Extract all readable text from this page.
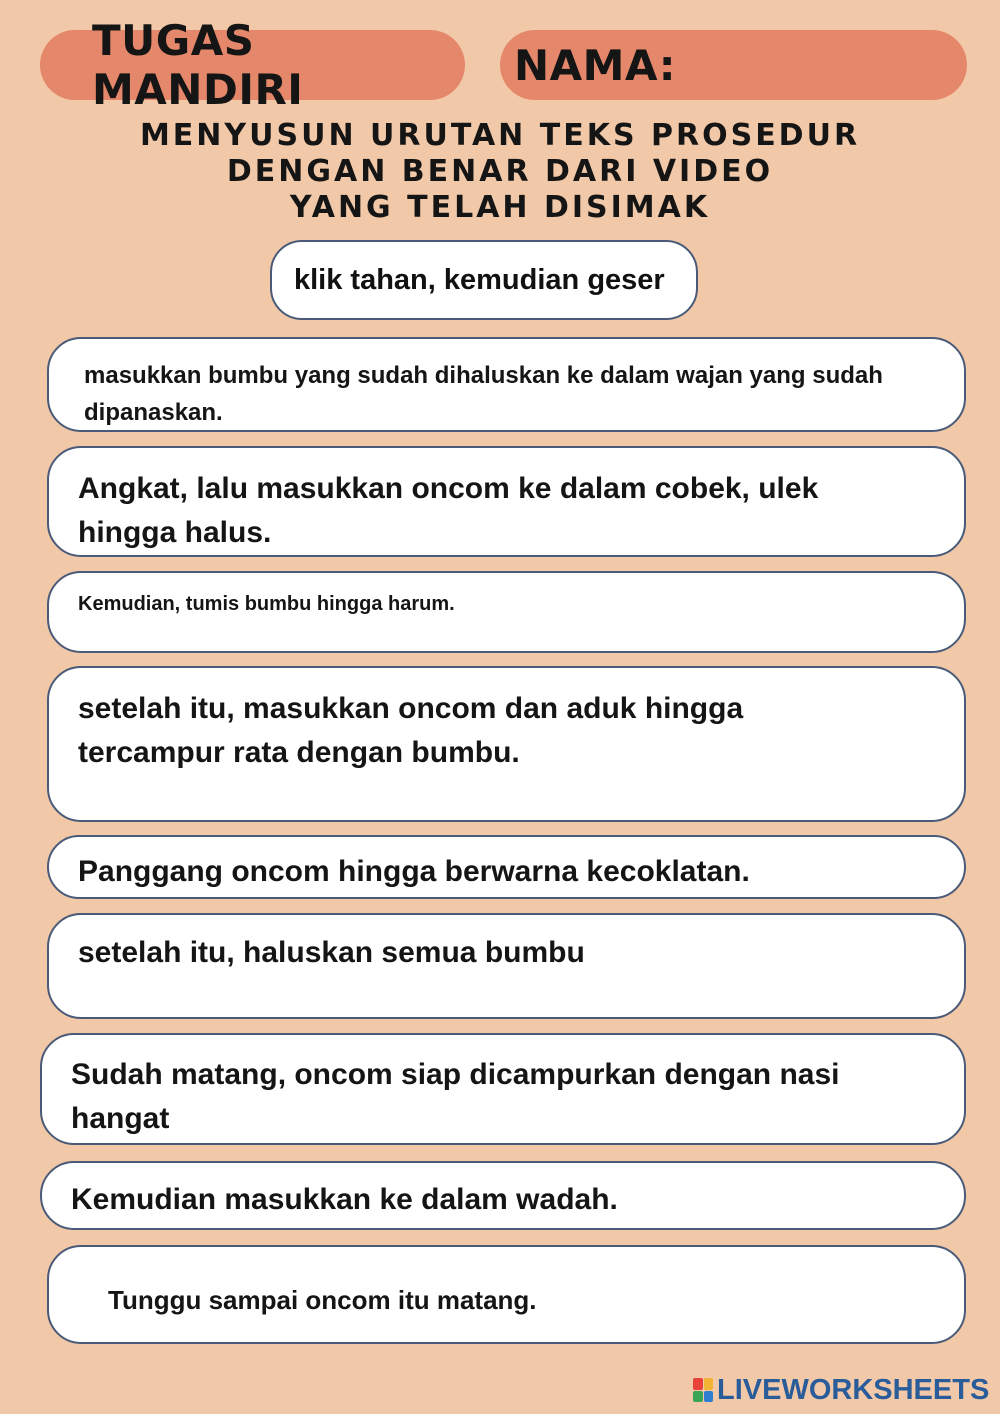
TUGAS MANDIRI	NAMA:
MENYUSUN URUTAN TEKS PROSEDUR
DENGAN BENAR DARI VIDEO
YANG TELAH DISIMAK
klik tahan, kemudian geser
masukkan bumbu yang sudah dihaluskan ke dalam wajan yang sudah dipanaskan.
Angkat, lalu masukkan oncom ke dalam cobek, ulek hingga halus.
Kemudian, tumis bumbu hingga harum.
setelah itu, masukkan oncom dan aduk hingga tercampur rata dengan bumbu.
Panggang oncom hingga berwarna kecoklatan.
setelah itu, haluskan semua bumbu
Sudah matang, oncom siap dicampurkan dengan nasi hangat
Kemudian masukkan ke dalam wadah.
Tunggu sampai oncom itu matang.
LIVEWORKSHEETS
